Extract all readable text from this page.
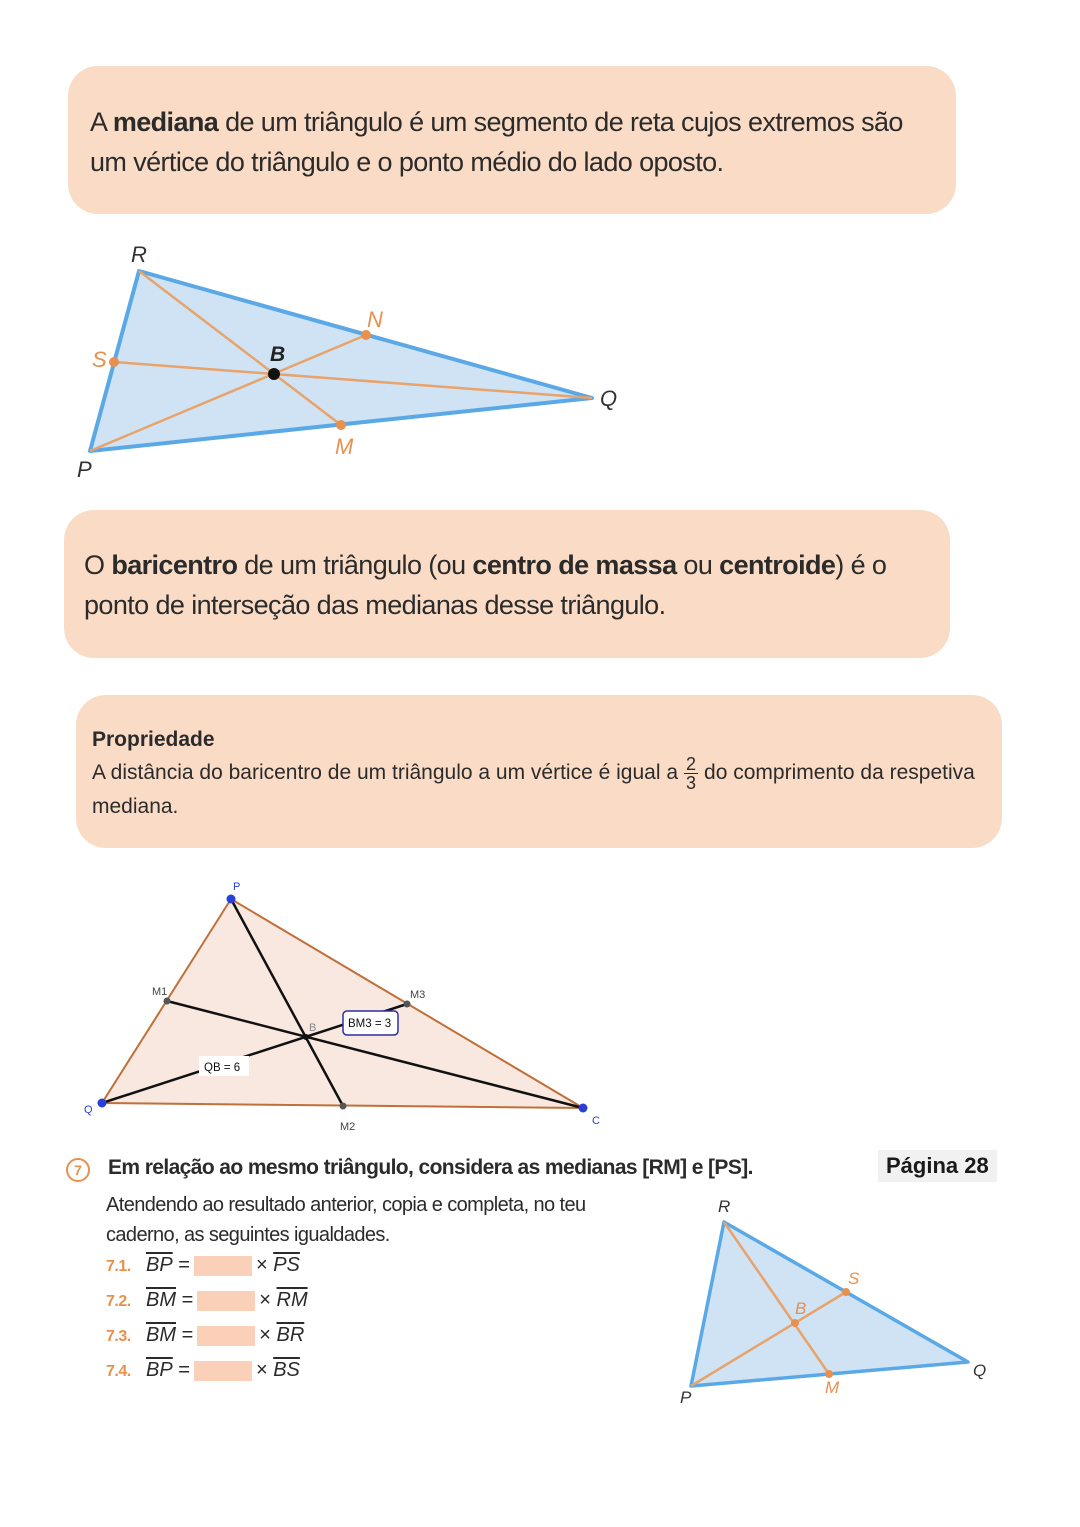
A mediana de um triângulo é um segmento de reta cujos extremos são um vértice do triângulo e o ponto médio do lado oposto.

R
S
N
B
Q
M
P

O baricentro de um triângulo (ou centro de massa ou centroide) é o ponto de interseção das medianas desse triângulo.

Propriedade
A distância do baricentro de um triângulo a um vértice é igual a $\frac{2}{3}$ do comprimento da respetiva mediana.
P
M1	M3
B
Q
C
M2
BM3 = 3
QB = 6
7	Em relação ao mesmo triângulo, considera as medianas [RM] e [PS].	Página 28
Atendendo ao resultado anterior, copia e completa, no teu caderno, as seguintes igualdades.
7.1. $\overline{BP}$ =	× $\overline{PS}$
7.2. $\overline{BM}$ =	× $\overline{RM}$
7.3. $\overline{BM}$ =	× $\overline{BR}$
7.4. $\overline{BP}$ =	× $\overline{BS}$
R
S
B
Q
M
P
